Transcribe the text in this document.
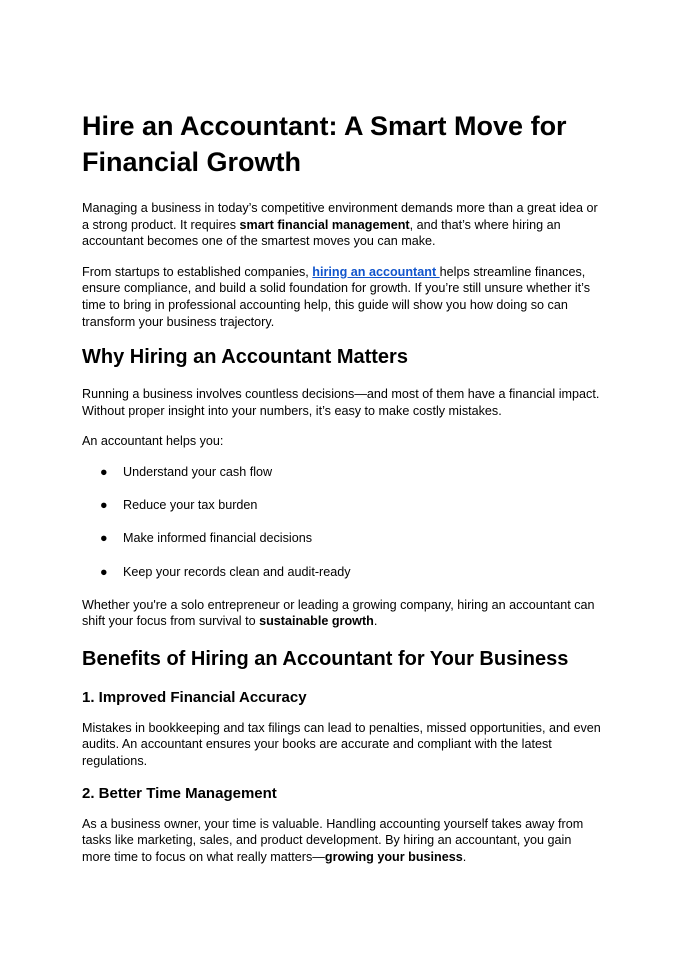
Hire an Accountant: A Smart Move for Financial Growth

Managing a business in today’s competitive environment demands more than a great idea or a strong product. It requires smart financial management, and that’s where hiring an accountant becomes one of the smartest moves you can make.

From startups to established companies, hiring an accountant helps streamline finances, ensure compliance, and build a solid foundation for growth. If you’re still unsure whether it’s time to bring in professional accounting help, this guide will show you how doing so can transform your business trajectory.

Why Hiring an Accountant Matters

Running a business involves countless decisions—and most of them have a financial impact. Without proper insight into your numbers, it’s easy to make costly mistakes.

An accountant helps you:

● Understand your cash flow
● Reduce your tax burden
● Make informed financial decisions
● Keep your records clean and audit-ready

Whether you're a solo entrepreneur or leading a growing company, hiring an accountant can shift your focus from survival to sustainable growth.

Benefits of Hiring an Accountant for Your Business
1. Improved Financial Accuracy

Mistakes in bookkeeping and tax filings can lead to penalties, missed opportunities, and even audits. An accountant ensures your books are accurate and compliant with the latest regulations.

2. Better Time Management

As a business owner, your time is valuable. Handling accounting yourself takes away from tasks like marketing, sales, and product development. By hiring an accountant, you gain more time to focus on what really matters—growing your business.
